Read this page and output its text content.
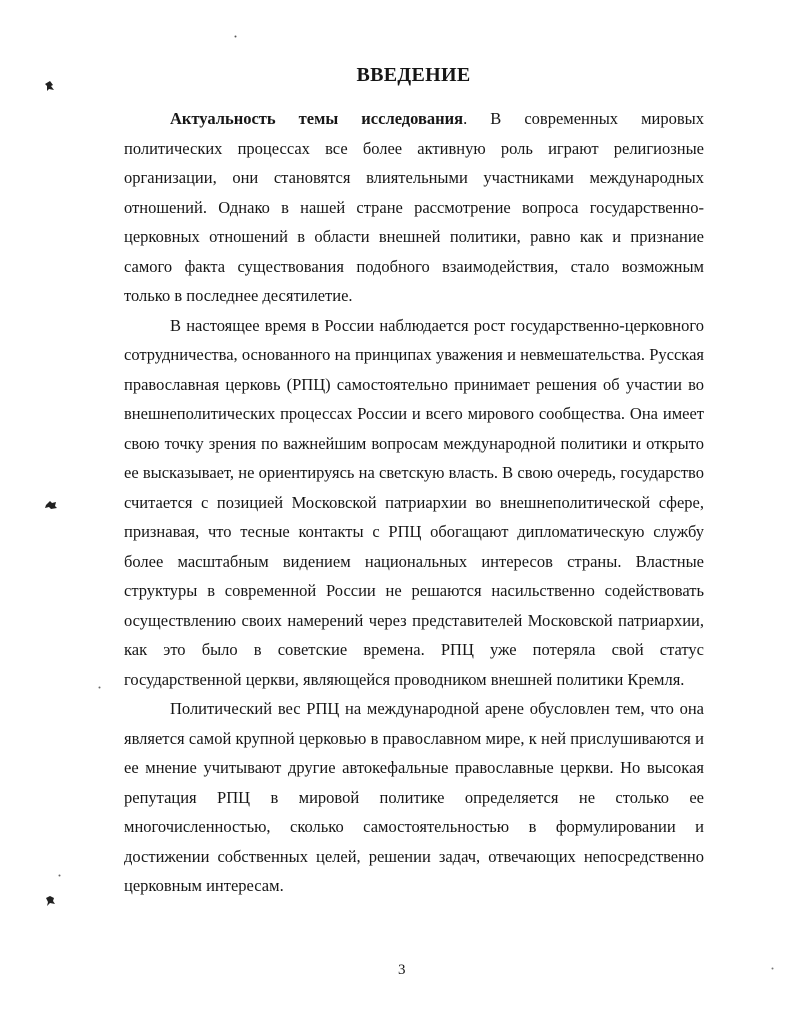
ВВЕДЕНИЕ

Актуальность темы исследования. В современных мировых политических процессах все более активную роль играют религиозные организации, они становятся влиятельными участниками международных отношений. Однако в нашей стране рассмотрение вопроса государственно-церковных отношений в области внешней политики, равно как и признание самого факта существования подобного взаимодействия, стало возможным только в последнее десятилетие.

В настоящее время в России наблюдается рост государственно-церковного сотрудничества, основанного на принципах уважения и невмешательства. Русская православная церковь (РПЦ) самостоятельно принимает решения об участии во внешнеполитических процессах России и всего мирового сообщества. Она имеет свою точку зрения по важнейшим вопросам международной политики и открыто ее высказывает, не ориентируясь на светскую власть. В свою очередь, государство считается с позицией Московской патриархии во внешнеполитической сфере, признавая, что тесные контакты с РПЦ обогащают дипломатическую службу более масштабным видением национальных интересов страны. Властные структуры в современной России не решаются насильственно содействовать осуществлению своих намерений через представителей Московской патриархии, как это было в советские времена. РПЦ уже потеряла свой статус государственной церкви, являющейся проводником внешней политики Кремля.

Политический вес РПЦ на международной арене обусловлен тем, что она является самой крупной церковью в православном мире, к ней прислушиваются и ее мнение учитывают другие автокефальные православные церкви. Но высокая репутация РПЦ в мировой политике определяется не столько ее многочисленностью, сколько самостоятельностью в формулировании и достижении собственных целей, решении задач, отвечающих непосредственно церковным интересам.

3
